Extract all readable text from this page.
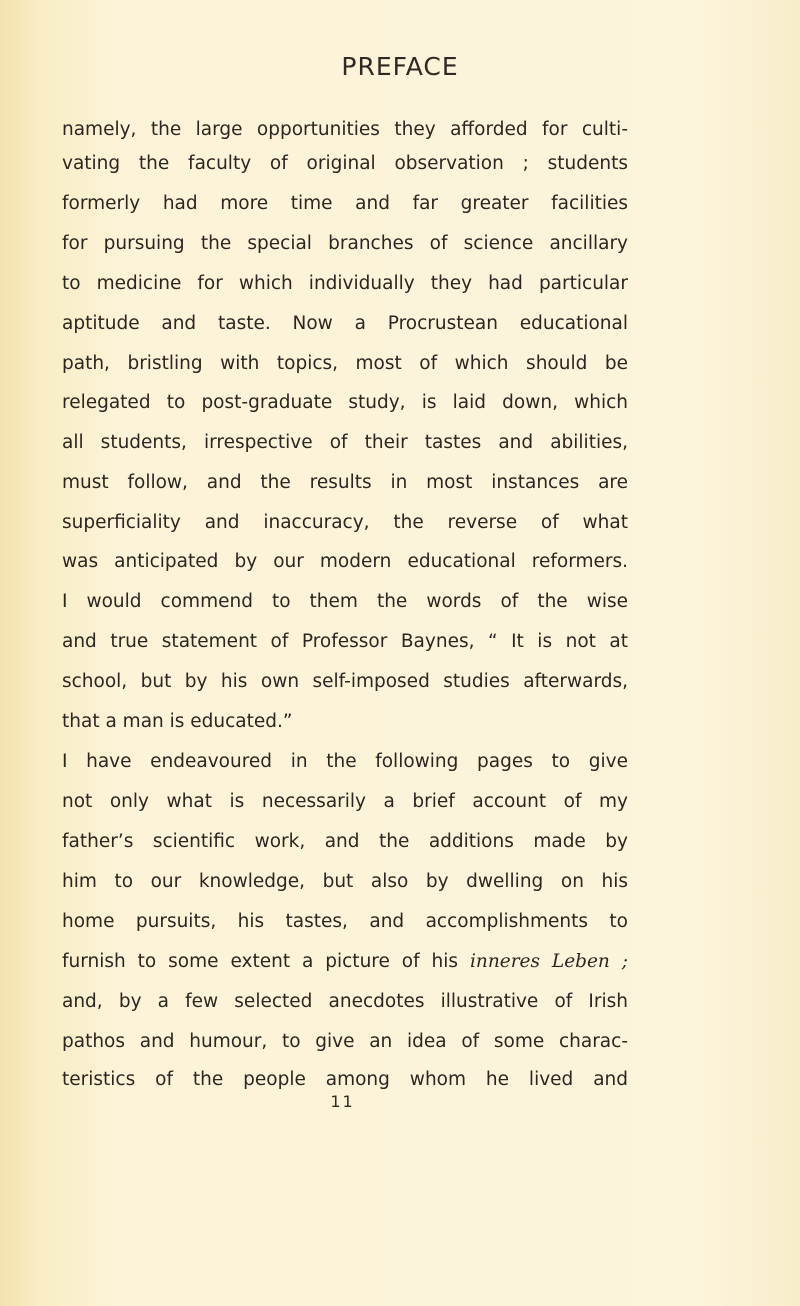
PREFACE
namely, the large opportunities they afforded for culti-
vating the faculty of original observation ; students
formerly had more time and far greater facilities
for pursuing the special branches of science ancillary
to medicine for which individually they had particular
aptitude and taste. Now a Procrustean educational
path, bristling with topics, most of which should be
relegated to post-graduate study, is laid down, which
all students, irrespective of their tastes and abilities,
must follow, and the results in most instances are
superficiality and inaccuracy, the reverse of what
was anticipated by our modern educational reformers.
I would commend to them the words of the wise
and true statement of Professor Baynes, “ It is not at
school, but by his own self-imposed studies afterwards,
that a man is educated.”
I have endeavoured in the following pages to give
not only what is necessarily a brief account of my
father’s scientific work, and the additions made by
him to our knowledge, but also by dwelling on his
home pursuits, his tastes, and accomplishments to
furnish to some extent a picture of his inneres Leben ;
and, by a few selected anecdotes illustrative of Irish
pathos and humour, to give an idea of some charac-
teristics of the people among whom he lived and
11
